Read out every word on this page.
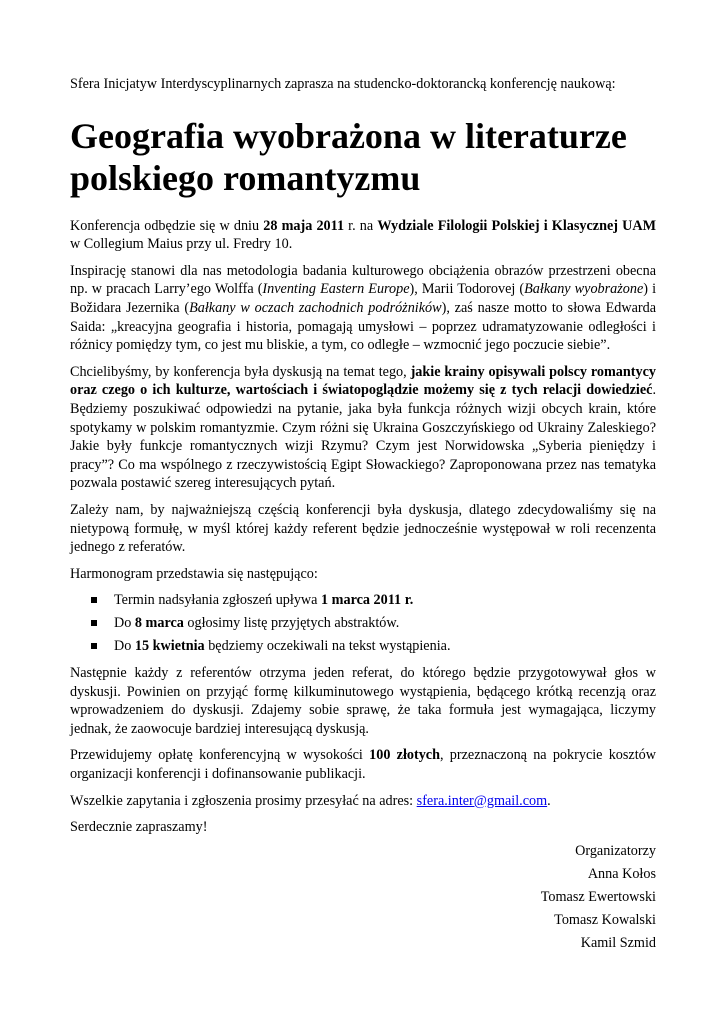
Sfera Inicjatyw Interdyscyplinarnych zaprasza na studencko-doktorancką konferencję naukową:

Geografia wyobrażona w literaturze
polskiego romantyzmu

Konferencja odbędzie się w dniu 28 maja 2011 r. na Wydziale Filologii Polskiej i Klasycznej UAM w Collegium Maius przy ul. Fredry 10.

Inspirację stanowi dla nas metodologia badania kulturowego obciążenia obrazów przestrzeni obecna np. w pracach Larry’ego Wolffa (Inventing Eastern Europe), Marii Todorovej (Bałkany wyobrażone) i Božidara Jezernika (Bałkany w oczach zachodnich podróżników), zaś nasze motto to słowa Edwarda Saida: „kreacyjna geografia i historia, pomagają umysłowi – poprzez udramatyzowanie odległości i różnicy pomiędzy tym, co jest mu bliskie, a tym, co odległe – wzmocnić jego poczucie siebie”.

Chcielibyśmy, by konferencja była dyskusją na temat tego, jakie krainy opisywali polscy romantycy oraz czego o ich kulturze, wartościach i światopoglądzie możemy się z tych relacji dowiedzieć. Będziemy poszukiwać odpowiedzi na pytanie, jaka była funkcja różnych wizji obcych krain, które spotykamy w polskim romantyzmie. Czym różni się Ukraina Goszczyńskiego od Ukrainy Zaleskiego? Jakie były funkcje romantycznych wizji Rzymu? Czym jest Norwidowska „Syberia pieniędzy i pracy”? Co ma wspólnego z rzeczywistością Egipt Słowackiego? Zaproponowana przez nas tematyka pozwala postawić szereg interesujących pytań.

Zależy nam, by najważniejszą częścią konferencji była dyskusja, dlatego zdecydowaliśmy się na nietypową formułę, w myśl której każdy referent będzie jednocześnie występował w roli recenzenta jednego z referatów.

Harmonogram przedstawia się następująco:

Termin nadsyłania zgłoszeń upływa 1 marca 2011 r.
Do 8 marca ogłosimy listę przyjętych abstraktów.
Do 15 kwietnia będziemy oczekiwali na tekst wystąpienia.

Następnie każdy z referentów otrzyma jeden referat, do którego będzie przygotowywał głos w dyskusji. Powinien on przyjąć formę kilkuminutowego wystąpienia, będącego krótką recenzją oraz wprowadzeniem do dyskusji. Zdajemy sobie sprawę, że taka formuła jest wymagająca, liczymy jednak, że zaowocuje bardziej interesującą dyskusją.

Przewidujemy opłatę konferencyjną w wysokości 100 złotych, przeznaczoną na pokrycie kosztów organizacji konferencji i dofinansowanie publikacji.

Wszelkie zapytania i zgłoszenia prosimy przesyłać na adres: sfera.inter@gmail.com.

Serdecznie zapraszamy!

Organizatorzy

Anna Kołos

Tomasz Ewertowski

Tomasz Kowalski

Kamil Szmid
